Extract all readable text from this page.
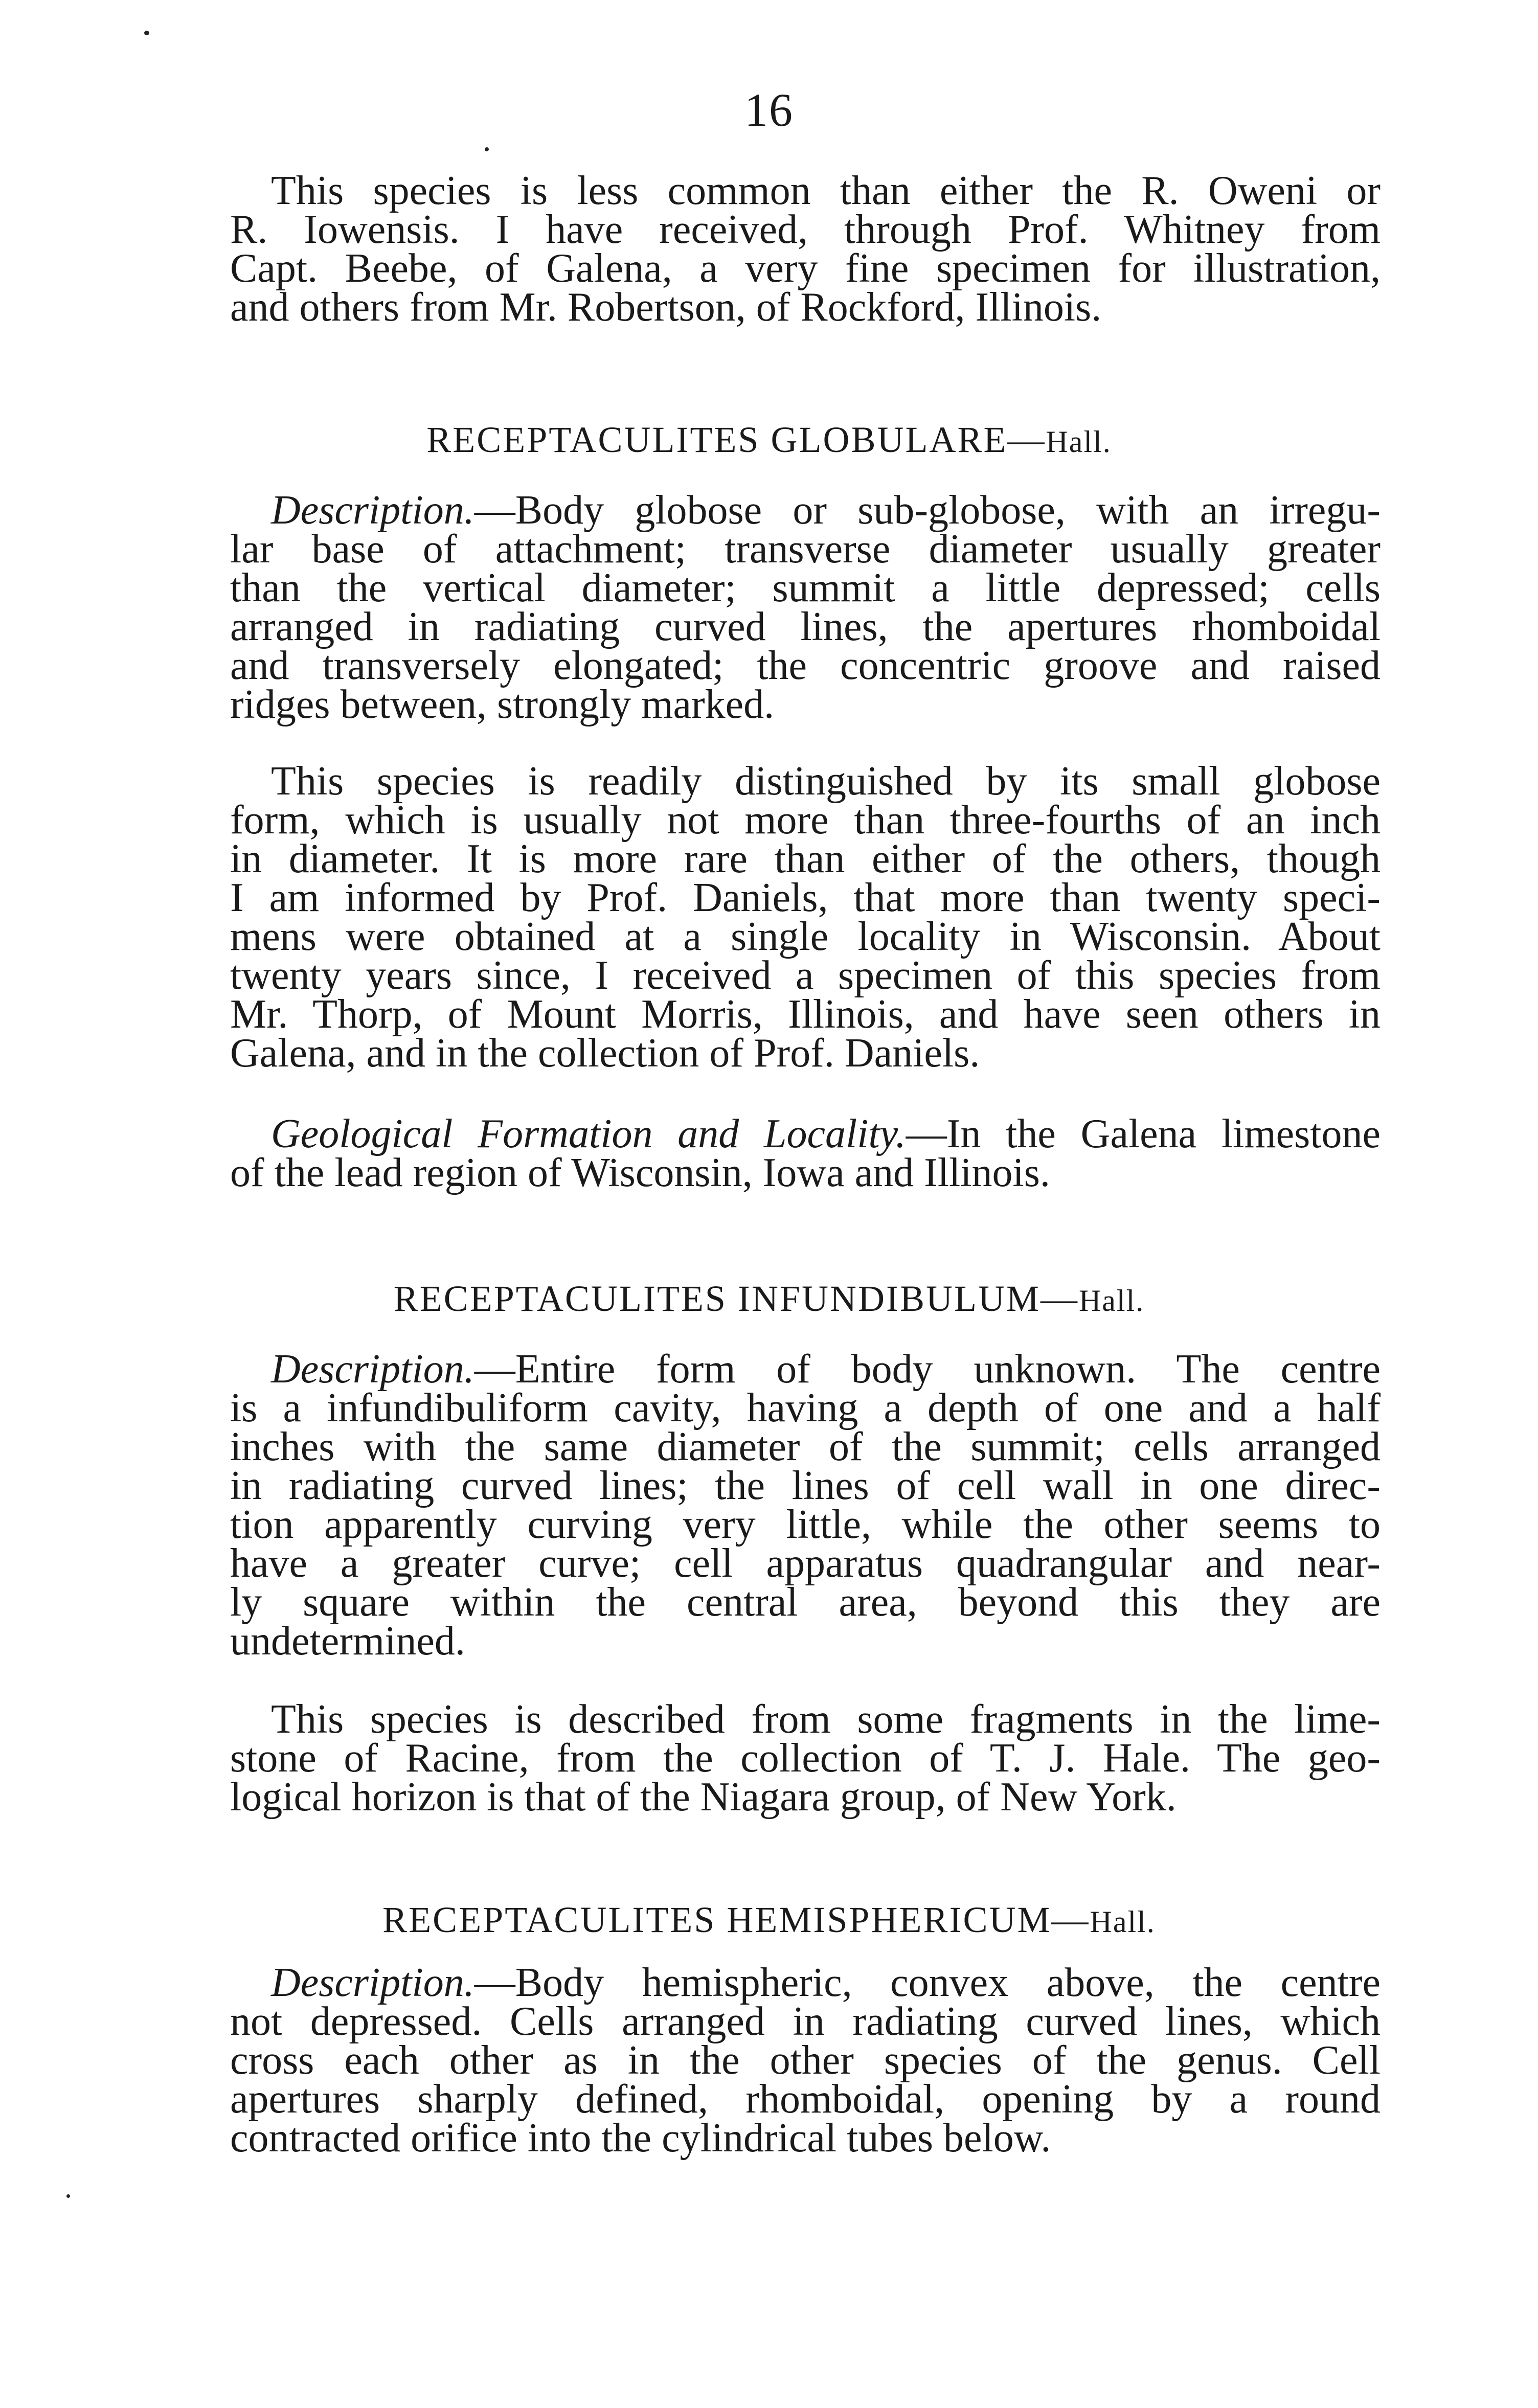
16
This species is less common than either the R. Oweni or
R. Iowensis. I have received, through Prof. Whitney from
Capt. Beebe, of Galena, a very fine specimen for illustration,
and others from Mr. Robertson, of Rockford, Illinois.
RECEPTACULITES GLOBULARE—Hall.
Description.—Body globose or sub-globose, with an irregu-
lar base of attachment; transverse diameter usually greater
than the vertical diameter; summit a little depressed; cells
arranged in radiating curved lines, the apertures rhomboidal
and transversely elongated; the concentric groove and raised
ridges between, strongly marked.
This species is readily distinguished by its small globose
form, which is usually not more than three-fourths of an inch
in diameter. It is more rare than either of the others, though
I am informed by Prof. Daniels, that more than twenty speci-
mens were obtained at a single locality in Wisconsin. About
twenty years since, I received a specimen of this species from
Mr. Thorp, of Mount Morris, Illinois, and have seen others in
Galena, and in the collection of Prof. Daniels.
Geological Formation and Locality.—In the Galena limestone
of the lead region of Wisconsin, Iowa and Illinois.
RECEPTACULITES INFUNDIBULUM—Hall.
Description.—Entire form of body unknown. The centre
is a infundibuliform cavity, having a depth of one and a half
inches with the same diameter of the summit; cells arranged
in radiating curved lines; the lines of cell wall in one direc-
tion apparently curving very little, while the other seems to
have a greater curve; cell apparatus quadrangular and near-
ly square within the central area, beyond this they are
undetermined.
This species is described from some fragments in the lime-
stone of Racine, from the collection of T. J. Hale. The geo-
logical horizon is that of the Niagara group, of New York.
RECEPTACULITES HEMISPHERICUM—Hall.
Description.—Body hemispheric, convex above, the centre
not depressed. Cells arranged in radiating curved lines, which
cross each other as in the other species of the genus. Cell
apertures sharply defined, rhomboidal, opening by a round
contracted orifice into the cylindrical tubes below.
